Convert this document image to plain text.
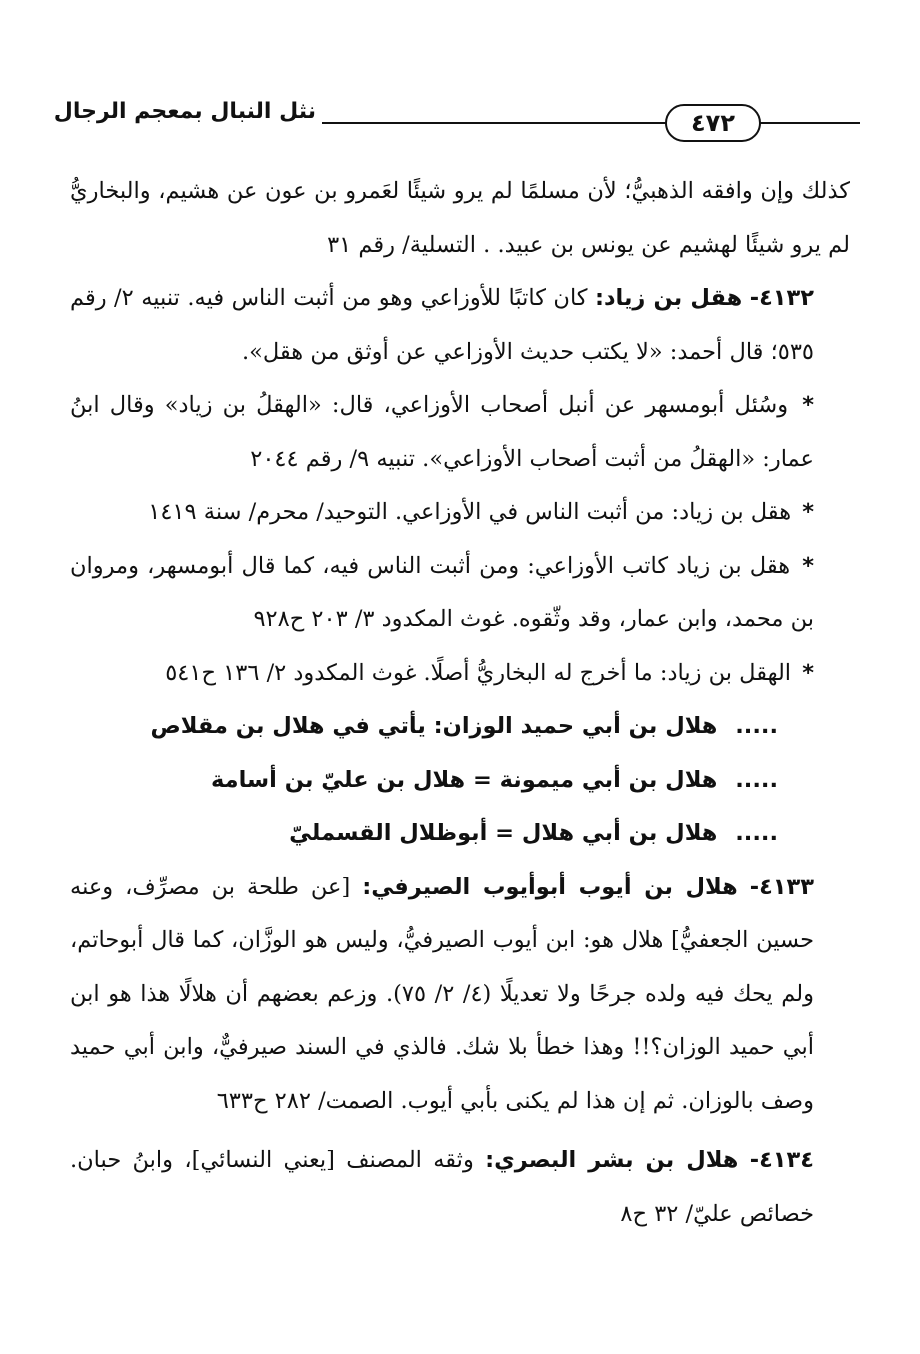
٤٧٢
نثل النبال بمعجم الرجال

كذلك وإن وافقه الذهبيُّ؛ لأن مسلمًا لم يرو شيئًا لعَمرو بن عون عن هشيم، والبخاريُّ لم يرو شيئًا لهشيم عن يونس بن عبيد. . التسلية/ رقم ٣١

٤١٣٢- هقل بن زياد: كان كاتبًا للأوزاعي وهو من أثبت الناس فيه. تنبيه ٢/ رقم ٥٣٥؛ قال أحمد: «لا يكتب حديث الأوزاعي عن أوثق من هقل».

* وسُئل أبومسهر عن أنبل أصحاب الأوزاعي، قال: «الهقلُ بن زياد» وقال ابنُ عمار: «الهقلُ من أثبت أصحاب الأوزاعي». تنبيه ٩/ رقم ٢٠٤٤

* هقل بن زياد: من أثبت الناس في الأوزاعي. التوحيد/ محرم/ سنة ١٤١٩

* هقل بن زياد كاتب الأوزاعي: ومن أثبت الناس فيه، كما قال أبومسهر، ومروان بن محمد، وابن عمار، وقد وثّقوه. غوث المكدود ٣/ ٢٠٣ ح٩٢٨

* الهقل بن زياد: ما أخرج له البخاريُّ أصلًا. غوث المكدود ٢/ ١٣٦ ح٥٤١

..... هلال بن أبي حميد الوزان: يأتي في هلال بن مقلاص

..... هلال بن أبي ميمونة = هلال بن عليّ بن أسامة

..... هلال بن أبي هلال = أبوظلال القسمليّ

٤١٣٣- هلال بن أيوب أبوأيوب الصيرفي: [عن طلحة بن مصرِّف، وعنه حسين الجعفيُّ] هلال هو: ابن أيوب الصيرفيُّ، وليس هو الوزَّان، كما قال أبوحاتم، ولم يحك فيه ولده جرحًا ولا تعديلًا (٤/ ٢/ ٧٥). وزعم بعضهم أن هلالًا هذا هو ابن أبي حميد الوزان؟!! وهذا خطأ بلا شك. فالذي في السند صيرفيٌّ، وابن أبي حميد وصف بالوزان. ثم إن هذا لم يكنى بأبي أيوب. الصمت/ ٢٨٢ ح٦٣٣

٤١٣٤- هلال بن بشر البصري: وثقه المصنف [يعني النسائي]، وابنُ حبان. خصائص عليّ/ ٣٢ ح٨
